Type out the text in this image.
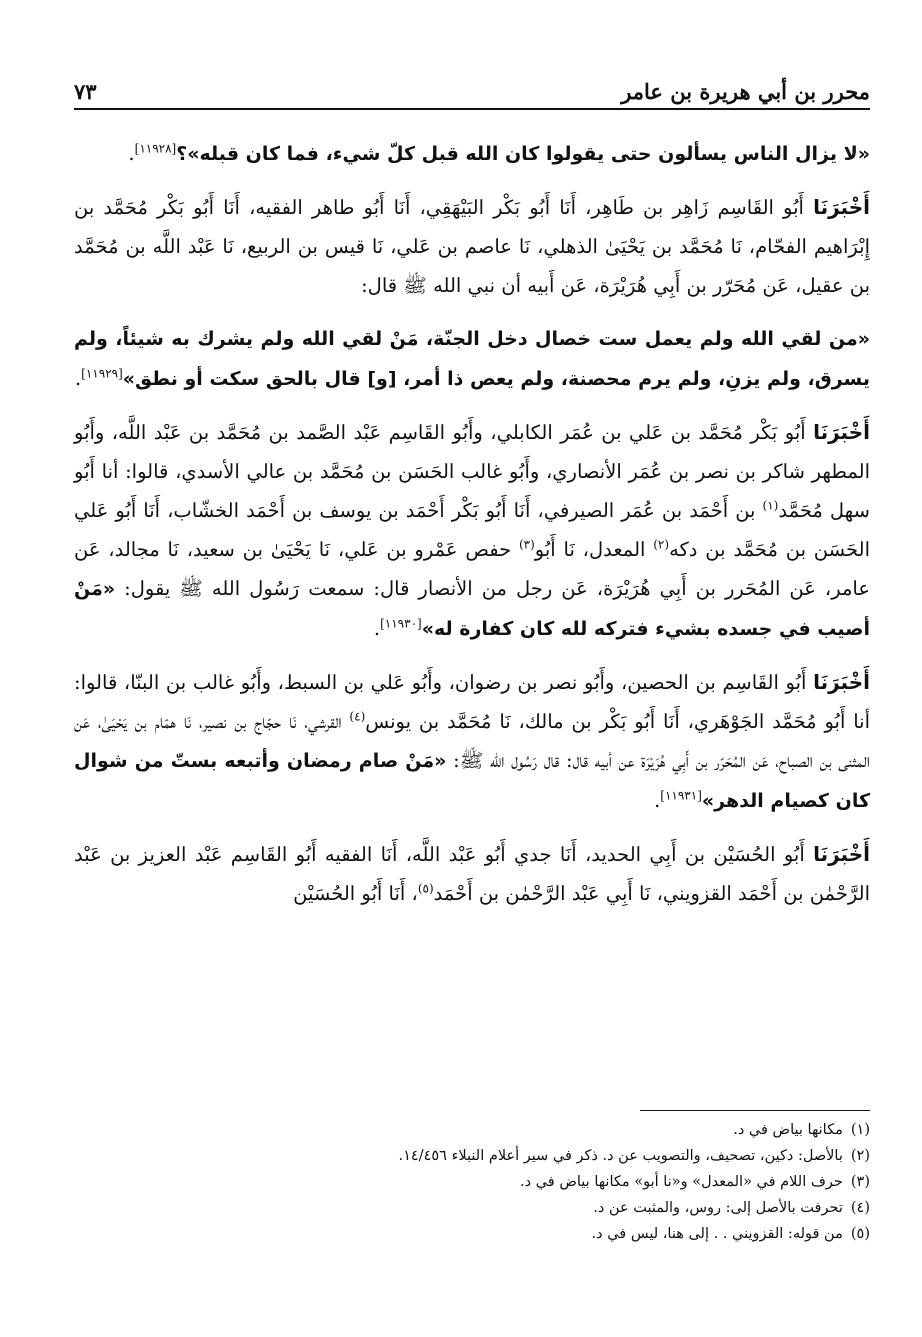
محرر بن أبي هريرة بن عامر
٧٣

«لا يزال الناس يسألون حتى يقولوا كان الله قبل كلّ شيء، فما كان قبله»؟[١١٩٢٨].

أَخْبَرَنَا أَبُو القَاسِم زَاهِر بن طَاهِر، أَنَا أَبُو بَكْر البَيْهَقِي، أَنَا أَبُو طاهر الفقيه، أَنَا أَبُو بَكْر مُحَمَّد بن إِبْرَاهيم الفحّام، نَا مُحَمَّد بن يَحْيَىٰ الذهلي، نَا عاصم بن عَلي، نَا قيس بن الربيع، نَا عَبْد اللَّه بن مُحَمَّد بن عقيل، عَن مُحَرّر بن أَبِي هُرَيْرَة، عَن أَبيه أن نبي الله ﷺ قال:

«من لقي الله ولم يعمل ست خصال دخل الجنّة، مَنْ لقي الله ولم يشرك به شيئاً، ولم يسرق، ولم يزنِ، ولم يرم محصنة، ولم يعص ذا أمر، [و] قال بالحق سكت أو نطق»[١١٩٢٩].

أَخْبَرَنَا أَبُو بَكْر مُحَمَّد بن عَلي بن عُمَر الكابلي، وأَبُو القَاسِم عَبْد الصَّمد بن مُحَمَّد بن عَبْد اللَّه، وأَبُو المطهر شاكر بن نصر بن عُمَر الأنصاري، وأَبُو غالب الحَسَن بن مُحَمَّد بن عالي الأسدي، قالوا: أنا أَبُو سهل مُحَمَّد$^{(١)}$ بن أَحْمَد بن عُمَر الصيرفي، أَنَا أَبُو بَكْر أَحْمَد بن يوسف بن أَحْمَد الخشّاب، أَنَا أَبُو عَلي الحَسَن بن مُحَمَّد بن دكه$^{(٢)}$ المعدل، نَا أَبُو$^{(٣)}$ حفص عَمْرو بن عَلي، نَا يَحْيَىٰ بن سعيد، نَا مجالد، عَن عامر، عَن المُحَرر بن أَبِي هُرَيْرَة، عَن رجل من الأنصار قال: سمعت رَسُول الله ﷺ يقول: «مَنْ أصيب في جسده بشيء فتركه لله كان كفارة له»[١١٩٣٠].

أَخْبَرَنَا أَبُو القَاسِم بن الحصين، وأَبُو نصر بن رضوان، وأَبُو عَلي بن السبط، وأَبُو غالب بن البنّا، قالوا: أنا أَبُو مُحَمَّد الجَوْهَري، أَنَا أَبُو بَكْر بن مالك، نَا مُحَمَّد بن يونس$^{(٤)}$ القرشي، نَا حجّاج بن نصير، نَا همّام بن يَحْيَىٰ، عَن المثنى بن الصباح، عَن المُحَرّر بن أَبِي هُرَيْرَة عن أبيه قال: قال رَسُول الله ﷺ: «مَنْ صام رمضان وأتبعه بستّ من شوال كان كصيام الدهر»[١١٩٣١].

أَخْبَرَنَا أَبُو الحُسَيْن بن أَبِي الحديد، أَنَا جدي أَبُو عَبْد اللَّه، أَنَا الفقيه أَبُو القَاسِم عَبْد العزيز بن عَبْد الرَّحْمٰن بن أَحْمَد القزويني، نَا أَبِي عَبْد الرَّحْمٰن بن أَحْمَد$^{(٥)}$، أَنَا أَبُو الحُسَيْن

(١)
مكانها بياض في د.
(٢)
بالأصل: دكين، تصحيف، والتصويب عن د. ذكر في سير أعلام النبلاء ١٤/٤٥٦.
(٣)
حرف اللام في «المعدل» و«نا أبو» مكانها بياض في د.
(٤)
تحرفت بالأصل إلى: روس، والمثبت عن د.
(٥)
من قوله: القزويني . . إلى هنا، ليس في د.
